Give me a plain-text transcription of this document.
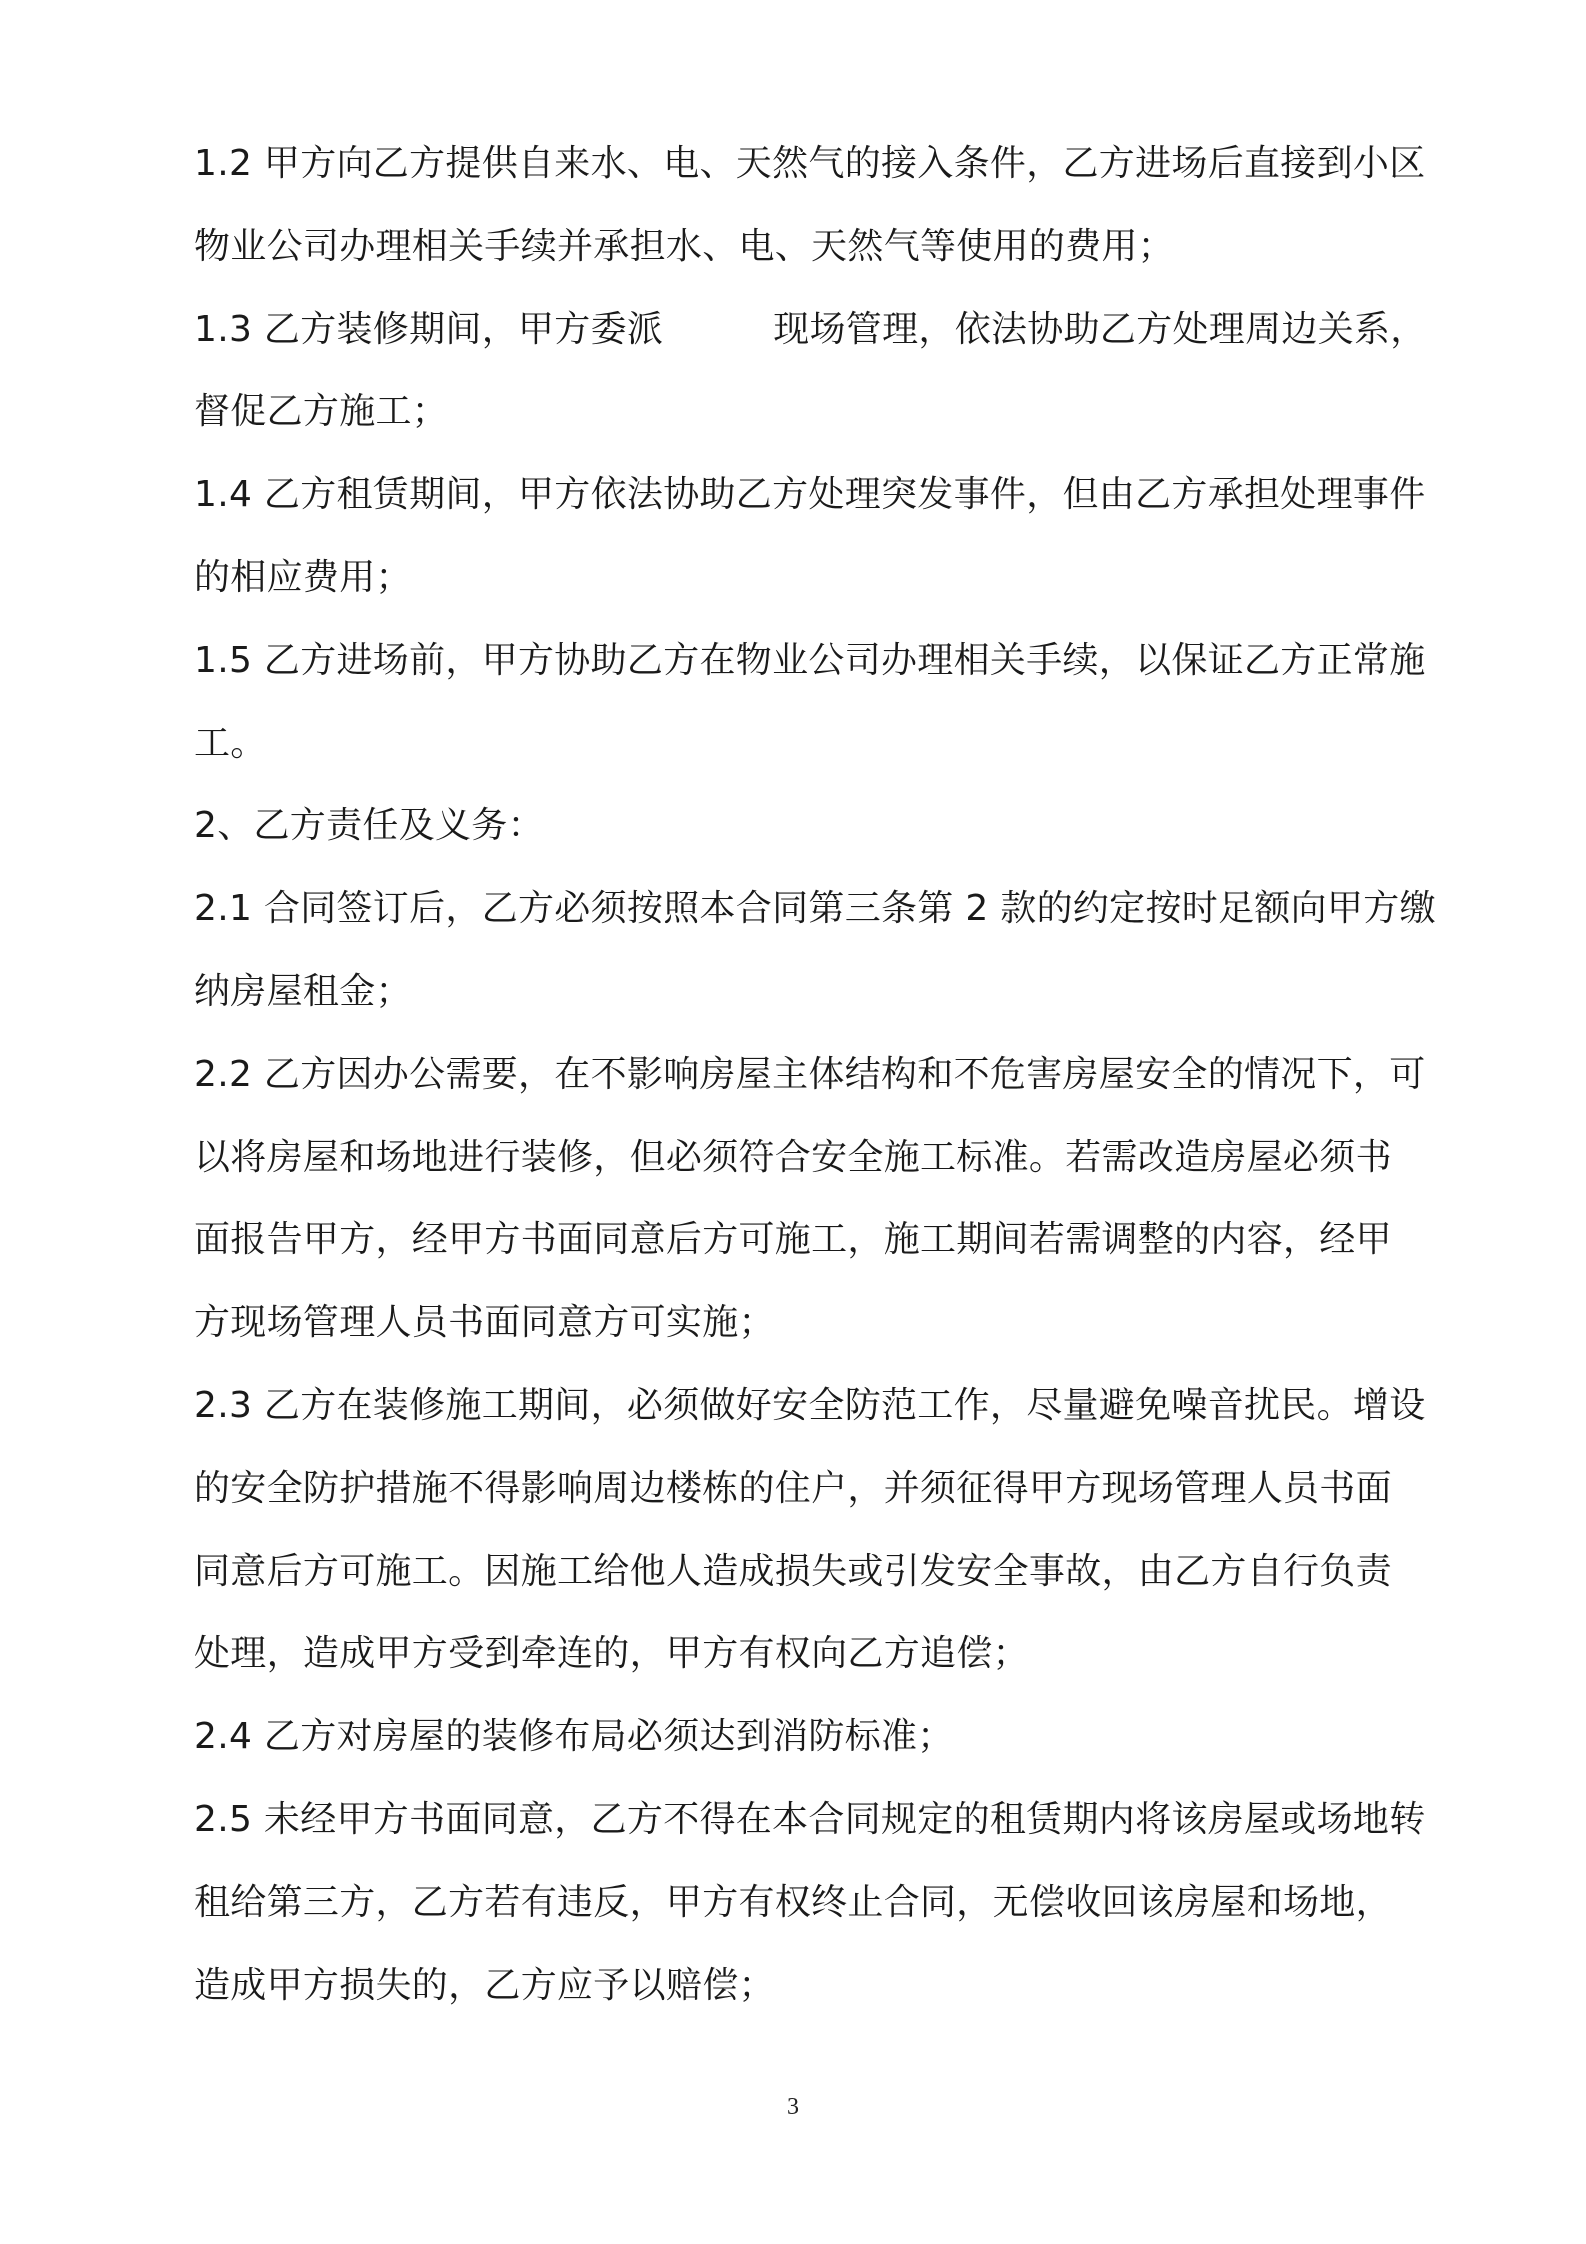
1.2 甲方向乙方提供自来水、电、天然气的接入条件，乙方进场后直接到小区
物业公司办理相关手续并承担水、电、天然气等使用的费用；
1.3 乙方装修期间，甲方委派	现场管理，依法协助乙方处理周边关系，
督促乙方施工；
1.4 乙方租赁期间，甲方依法协助乙方处理突发事件，但由乙方承担处理事件
的相应费用；
1.5 乙方进场前，甲方协助乙方在物业公司办理相关手续，以保证乙方正常施
工。
2、乙方责任及义务：
2.1 合同签订后，乙方必须按照本合同第三条第 2 款的约定按时足额向甲方缴
纳房屋租金；
2.2 乙方因办公需要，在不影响房屋主体结构和不危害房屋安全的情况下，可
以将房屋和场地进行装修，但必须符合安全施工标准。若需改造房屋必须书
面报告甲方，经甲方书面同意后方可施工，施工期间若需调整的内容，经甲
方现场管理人员书面同意方可实施；
2.3 乙方在装修施工期间，必须做好安全防范工作，尽量避免噪音扰民。增设
的安全防护措施不得影响周边楼栋的住户，并须征得甲方现场管理人员书面
同意后方可施工。因施工给他人造成损失或引发安全事故，由乙方自行负责
处理，造成甲方受到牵连的，甲方有权向乙方追偿；
2.4 乙方对房屋的装修布局必须达到消防标准；
2.5 未经甲方书面同意，乙方不得在本合同规定的租赁期内将该房屋或场地转
租给第三方，乙方若有违反，甲方有权终止合同，无偿收回该房屋和场地，
造成甲方损失的，乙方应予以赔偿；
3
